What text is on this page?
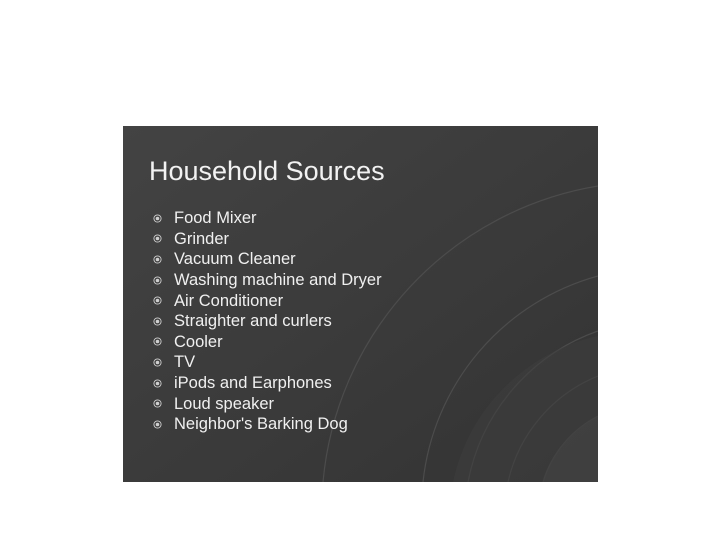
Household Sources
Food Mixer
Grinder
Vacuum Cleaner
Washing machine and Dryer
Air Conditioner
Straighter and curlers
Cooler
TV
iPods and Earphones
Loud speaker
Neighbor's Barking Dog
